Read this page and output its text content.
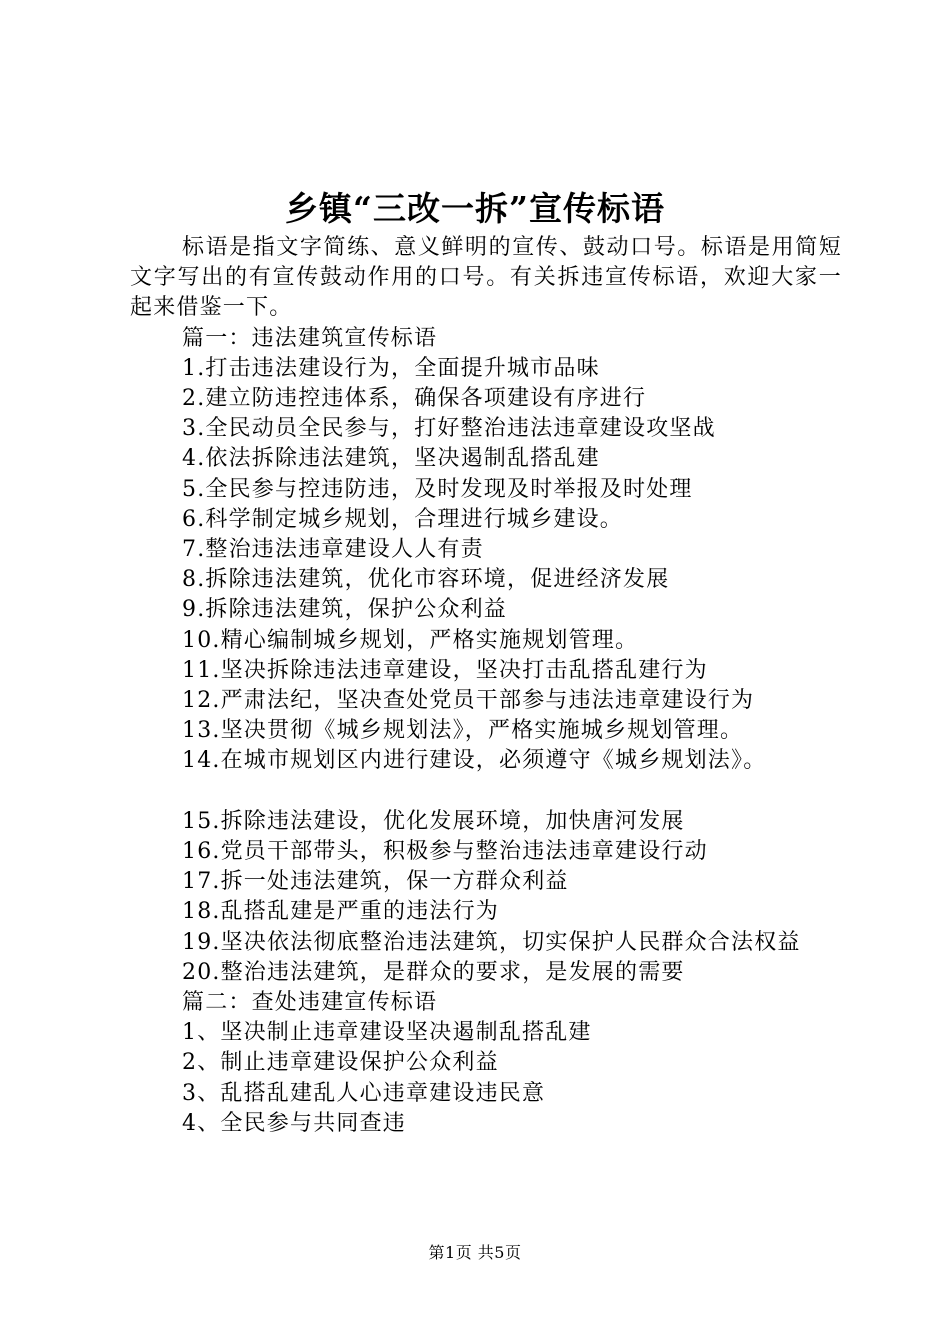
乡镇“三改一拆”宣传标语

标语是指文字简练、意义鲜明的宣传、鼓动口号。标语是用简短文字写出的有宣传鼓动作用的口号。有关拆违宣传标语，欢迎大家一起来借鉴一下。

篇一：违法建筑宣传标语

1.打击违法建设行为，全面提升城市品味

2.建立防违控违体系，确保各项建设有序进行

3.全民动员全民参与，打好整治违法违章建设攻坚战

4.依法拆除违法建筑，坚决遏制乱搭乱建

5.全民参与控违防违，及时发现及时举报及时处理

6.科学制定城乡规划，合理进行城乡建设。

7.整治违法违章建设人人有责

8.拆除违法建筑，优化市容环境，促进经济发展

9.拆除违法建筑，保护公众利益

10.精心编制城乡规划，严格实施规划管理。

11.坚决拆除违法违章建设，坚决打击乱搭乱建行为

12.严肃法纪，坚决查处党员干部参与违法违章建设行为

13.坚决贯彻《城乡规划法》，严格实施城乡规划管理。

14.在城市规划区内进行建设，必须遵守《城乡规划法》。

15.拆除违法建设，优化发展环境，加快唐河发展

16.党员干部带头，积极参与整治违法违章建设行动

17.拆一处违法建筑，保一方群众利益

18.乱搭乱建是严重的违法行为

19.坚决依法彻底整治违法建筑，切实保护人民群众合法权益

20.整治违法建筑，是群众的要求，是发展的需要

篇二：查处违建宣传标语

1、坚决制止违章建设坚决遏制乱搭乱建

2、制止违章建设保护公众利益

3、乱搭乱建乱人心违章建设违民意

4、全民参与共同查违

第1页 共5页
